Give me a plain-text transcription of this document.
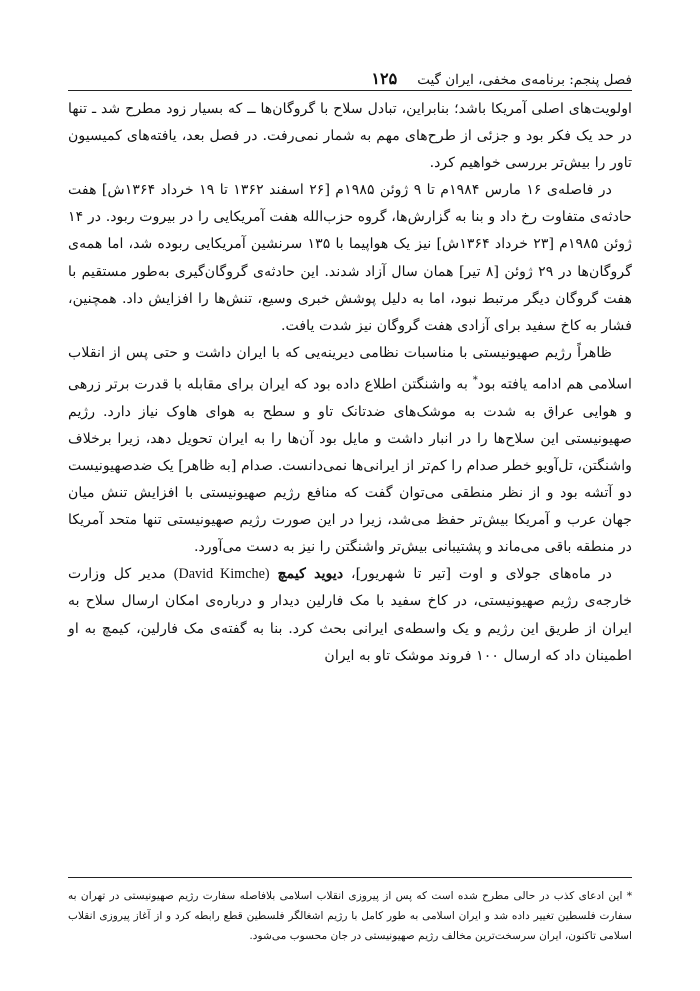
فصل پنجم: برنامه‌ی مخفی، ایران گیت
۱۲۵

اولویت‌های اصلی آمریکا باشد؛ بنابراین، تبادل سلاح با گروگان‌ها ــ که بسیار زود مطرح شد ـ تنها در حد یک فکر بود و جزئی از طرح‌های مهم به شمار نمی‌رفت. در فصل بعد، یافته‌های کمیسیون تاور را بیش‌تر بررسی خواهیم کرد.

در فاصله‌ی ۱۶ مارس ۱۹۸۴م تا ۹ ژوئن ۱۹۸۵م [۲۶ اسفند ۱۳۶۲ تا ۱۹ خرداد ۱۳۶۴ش] هفت حادثه‌ی متفاوت رخ داد و بنا به گزارش‌ها، گروه حزب‌الله هفت آمریکایی را در بیروت ربود. در ۱۴ ژوئن ۱۹۸۵م [۲۳ خرداد ۱۳۶۴ش] نیز یک هواپیما با ۱۳۵ سرنشین آمریکایی ربوده شد، اما همه‌ی گروگان‌ها در ۲۹ ژوئن [۸ تیر] همان سال آزاد شدند. این حادثه‌ی گروگان‌گیری به‌طور مستقیم با هفت گروگان دیگر مرتبط نبود، اما به دلیل پوشش خبری وسیع، تنش‌ها را افزایش داد. همچنین، فشار به کاخ سفید برای آزادی هفت گروگان نیز شدت یافت.

ظاهراً رژیم صهیونیستی با مناسبات نظامی دیرینه‌یی که با ایران داشت و حتی پس از انقلاب اسلامی هم ادامه یافته بود* به واشنگتن اطلاع داده بود که ایران برای مقابله با قدرت برتر زرهی و هوایی عراق به شدت به موشک‌های ضدتانک تاو و سطح به هوای هاوک نیاز دارد. رژیم صهیونیستی این سلاح‌ها را در انبار داشت و مایل بود آن‌ها را به ایران تحویل دهد، زیرا برخلاف واشنگتن، تل‌آویو خطر صدام را کم‌تر از ایرانی‌ها نمی‌دانست. صدام [به ظاهر] یک ضدصهیونیست دو آتشه بود و از نظر منطقی می‌توان گفت که منافع رژیم صهیونیستی با افزایش تنش میان جهان عرب و آمریکا بیش‌تر حفظ می‌شد، زیرا در این صورت رژیم صهیونیستی تنها متحد آمریکا در منطقه باقی می‌ماند و پشتیبانی بیش‌تر واشنگتن را نیز به دست می‌آورد.

در ماه‌های جولای و اوت [تیر تا شهریور]، دیوید کیمچ (David Kimche) مدیر کل وزارت خارجه‌ی رژیم صهیونیستی، در کاخ سفید با مک فارلین دیدار و درباره‌ی امکان ارسال سلاح به ایران از طریق این رژیم و یک واسطه‌ی ایرانی بحث کرد. بنا به گفته‌ی مک فارلین، کیمچ به او اطمینان داد که ارسال ۱۰۰ فروند موشک تاو به ایران

* این ادعای کذب در حالی مطرح شده است که پس از پیروزی انقلاب اسلامی بلافاصله سفارت رژیم صهیونیستی در تهران به سفارت فلسطین تغییر داده شد و ایران اسلامی به طور کامل با رژیم اشغالگر فلسطین قطع رابطه کرد و از آغاز پیروزی انقلاب اسلامی تاکنون، ایران سرسخت‌ترین مخالف رژیم صهیونیستی در جان محسوب می‌شود.
